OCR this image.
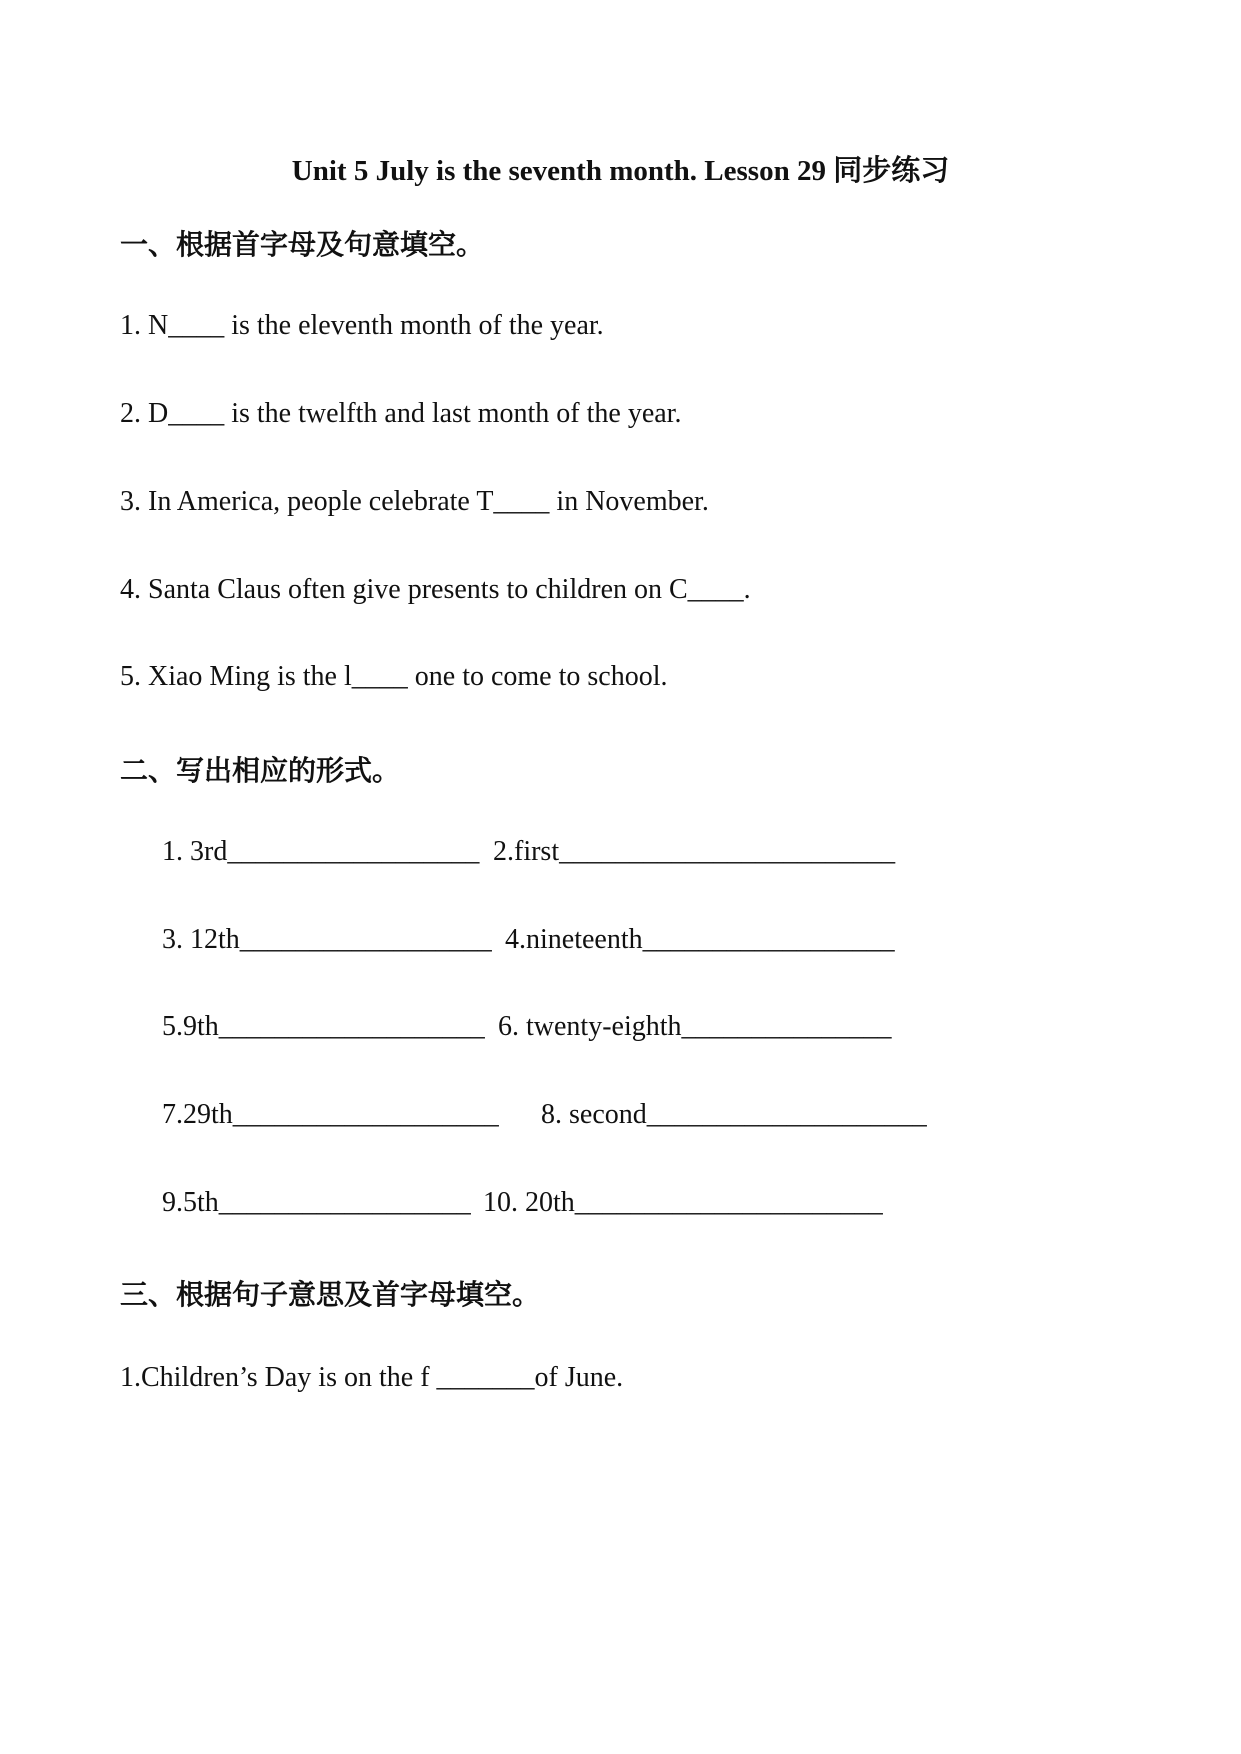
Unit 5 July is the seventh month. Lesson 29 同步练习
一、根据首字母及句意填空。
1. N____ is the eleventh month of the year.
2. D____ is the twelfth and last month of the year.
3. In America, people celebrate T____ in November.
4. Santa Claus often give presents to children on C____.
5. Xiao Ming is the l____ one to come to school.
二、写出相应的形式。
1. 3rd__________________ 2.first________________________
3. 12th__________________ 4.nineteenth__________________
5.9th___________________ 6. twenty-eighth_______________
7.29th___________________ 8. second____________________
9.5th__________________ 10. 20th______________________
三、根据句子意思及首字母填空。
1.Children’s Day is on the f _______of June.
